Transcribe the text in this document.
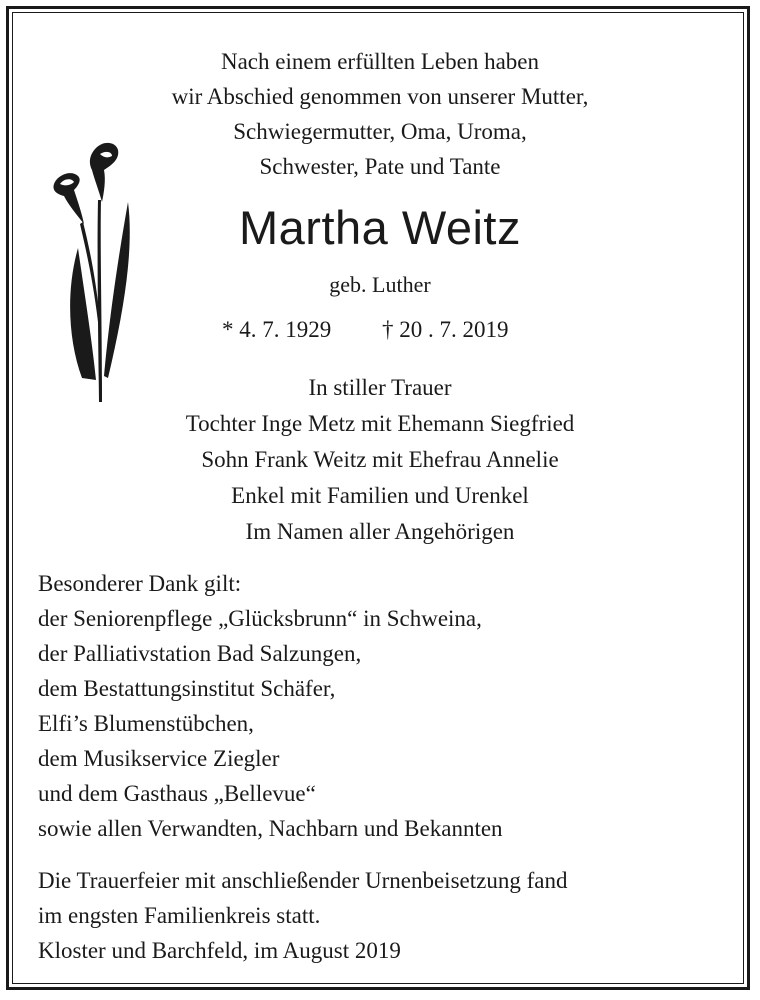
Nach einem erfüllten Leben haben
wir Abschied genommen von unserer Mutter,
Schwiegermutter, Oma, Uroma,
Schwester, Pate und Tante
Martha Weitz
geb. Luther
* 4. 7. 1929 † 20 . 7. 2019
In stiller Trauer
Tochter Inge Metz mit Ehemann Siegfried
Sohn Frank Weitz mit Ehefrau Annelie
Enkel mit Familien und Urenkel
Im Namen aller Angehörigen
Besonderer Dank gilt:
der Seniorenpflege „Glücksbrunn“ in Schweina,
der Palliativstation Bad Salzungen,
dem Bestattungsinstitut Schäfer,
Elfi’s Blumenstübchen,
dem Musikservice Ziegler
und dem Gasthaus „Bellevue“
sowie allen Verwandten, Nachbarn und Bekannten
Die Trauerfeier mit anschließender Urnenbeisetzung fand
im engsten Familienkreis statt.
Kloster und Barchfeld, im August 2019
